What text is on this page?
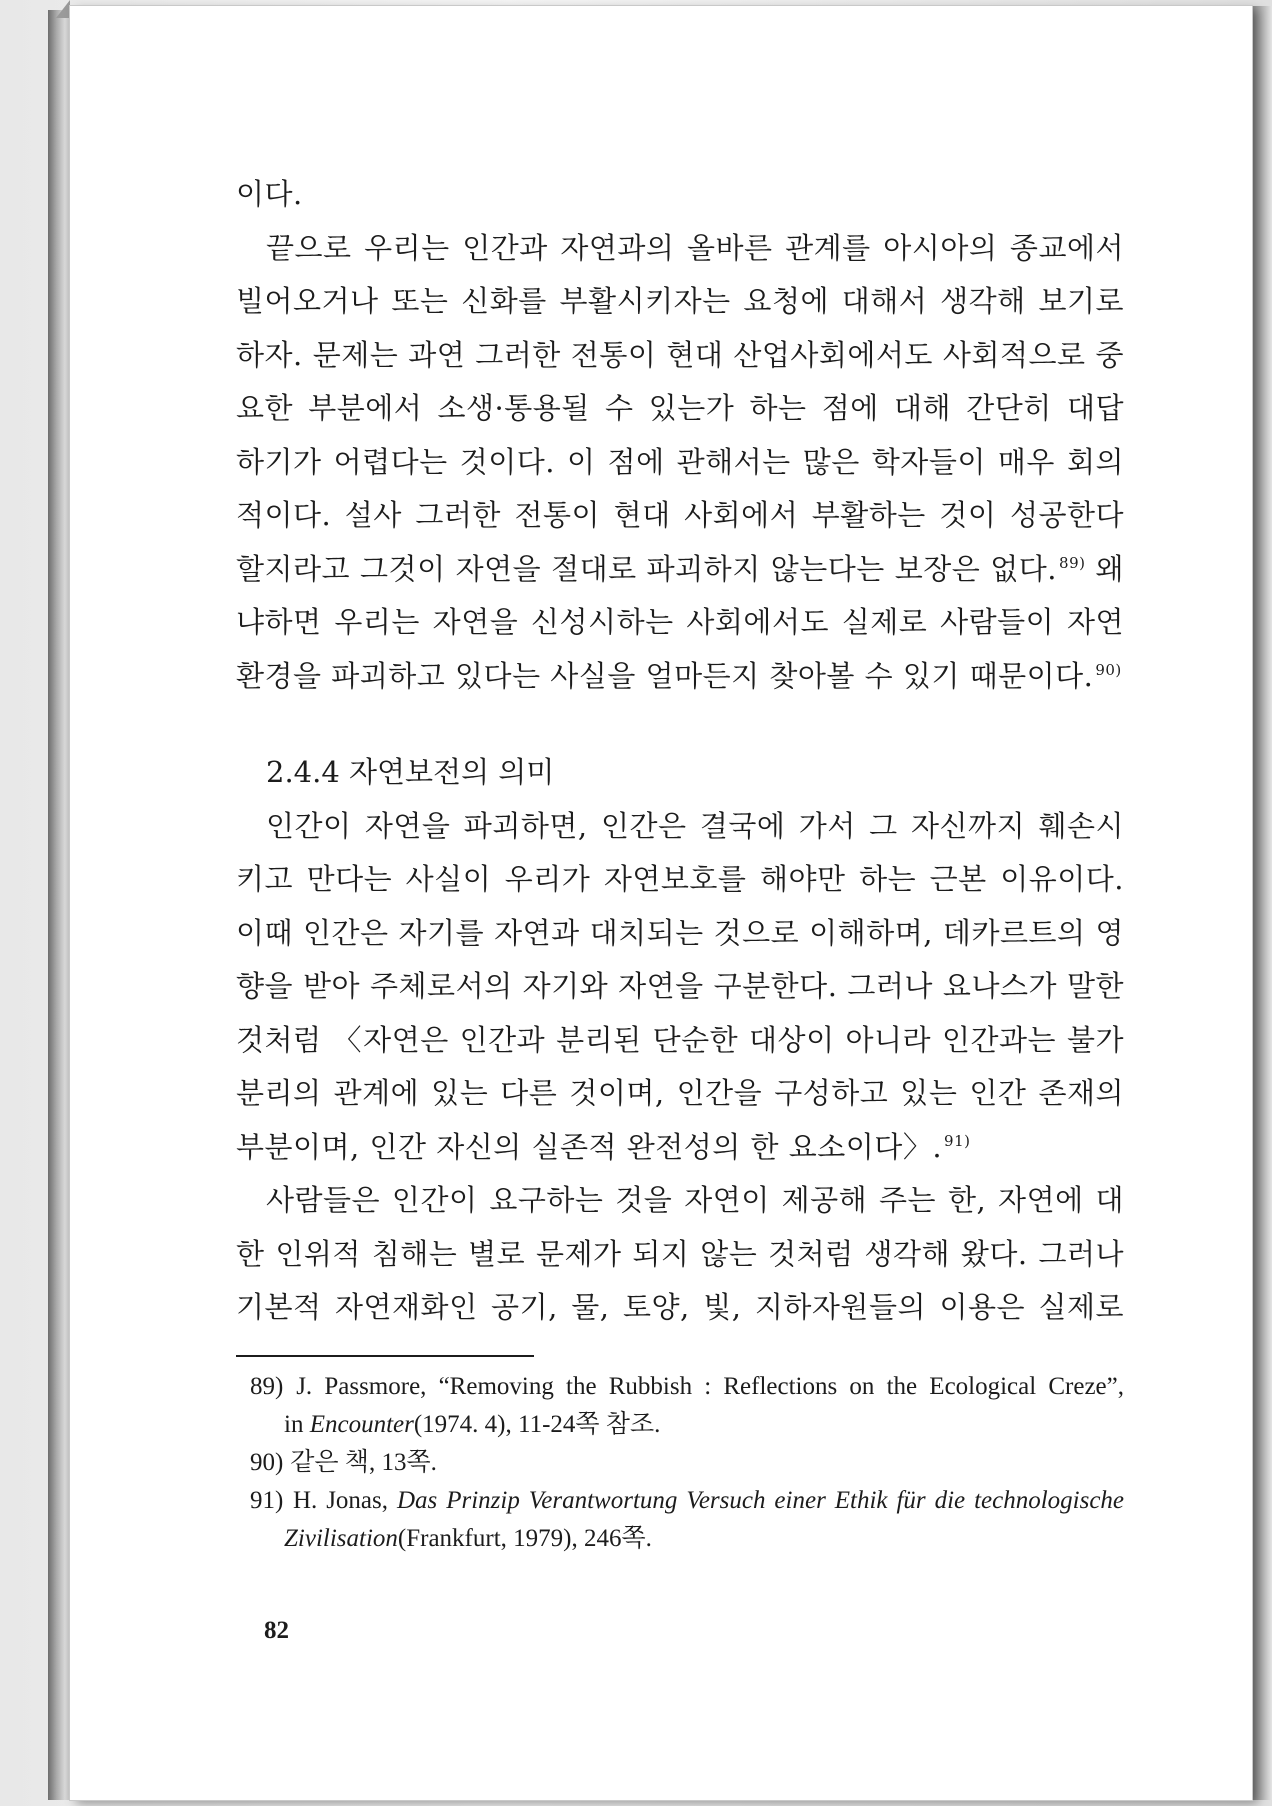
이다.
끝으로 우리는 인간과 자연과의 올바른 관계를 아시아의 종교에서
빌어오거나 또는 신화를 부활시키자는 요청에 대해서 생각해 보기로
하자. 문제는 과연 그러한 전통이 현대 산업사회에서도 사회적으로 중
요한 부분에서 소생·통용될 수 있는가 하는 점에 대해 간단히 대답
하기가 어렵다는 것이다. 이 점에 관해서는 많은 학자들이 매우 회의
적이다. 설사 그러한 전통이 현대 사회에서 부활하는 것이 성공한다
할지라고 그것이 자연을 절대로 파괴하지 않는다는 보장은 없다. $^{89)}$ 왜
냐하면 우리는 자연을 신성시하는 사회에서도 실제로 사람들이 자연
환경을 파괴하고 있다는 사실을 얼마든지 찾아볼 수 있기 때문이다. $^{90)}$
2.4.4 자연보전의 의미
인간이 자연을 파괴하면, 인간은 결국에 가서 그 자신까지 훼손시
키고 만다는 사실이 우리가 자연보호를 해야만 하는 근본 이유이다.
이때 인간은 자기를 자연과 대치되는 것으로 이해하며, 데카르트의 영
향을 받아 주체로서의 자기와 자연을 구분한다. 그러나 요나스가 말한
것처럼 〈자연은 인간과 분리된 단순한 대상이 아니라 인간과는 불가
분리의 관계에 있는 다른 것이며, 인간을 구성하고 있는 인간 존재의
부분이며, 인간 자신의 실존적 완전성의 한 요소이다〉. $^{91)}$
사람들은 인간이 요구하는 것을 자연이 제공해 주는 한, 자연에 대
한 인위적 침해는 별로 문제가 되지 않는 것처럼 생각해 왔다. 그러나
기본적 자연재화인 공기, 물, 토양, 빛, 지하자원들의 이용은 실제로
89) J. Passmore, “Removing the Rubbish : Reflections on the Ecological Creze”,
in Encounter(1974. 4), 11-24쪽 참조.
90) 같은 책, 13쪽.
91) H. Jonas, Das Prinzip Verantwortung Versuch einer Ethik für die technologische
Zivilisation(Frankfurt, 1979), 246쪽.
82
